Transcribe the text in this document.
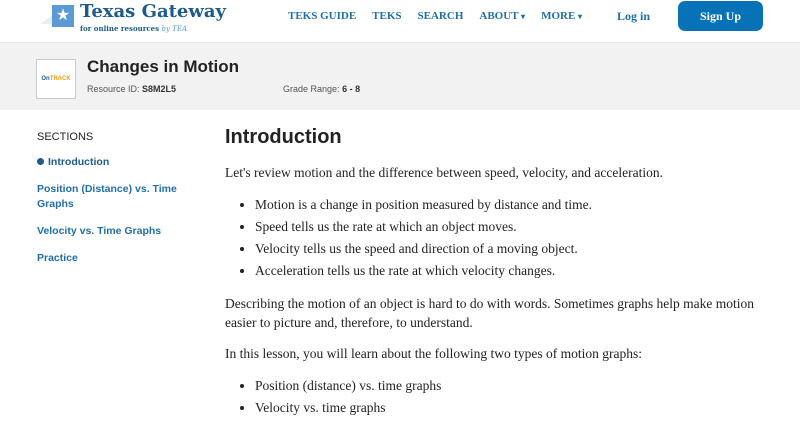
★ Texas Gateway
for online resources by TEA
TEKS GUIDE TEKS SEARCH ABOUT ▾ MORE ▾	Log in	Sign Up
OnTRACK
Changes in Motion
Resource ID: S8M2L5	Grade Range: 6 - 8
SECTIONS
Introduction
Position (Distance) vs. Time Graphs
Velocity vs. Time Graphs
Practice
Introduction

Let's review motion and the difference between speed, velocity, and acceleration.

• Motion is a change in position measured by distance and time.
• Speed tells us the rate at which an object moves.
• Velocity tells us the speed and direction of a moving object.
• Acceleration tells us the rate at which velocity changes.

Describing the motion of an object is hard to do with words. Sometimes graphs help make motion easier to picture and, therefore, to understand.

In this lesson, you will learn about the following two types of motion graphs:

• Position (distance) vs. time graphs
• Velocity vs. time graphs
